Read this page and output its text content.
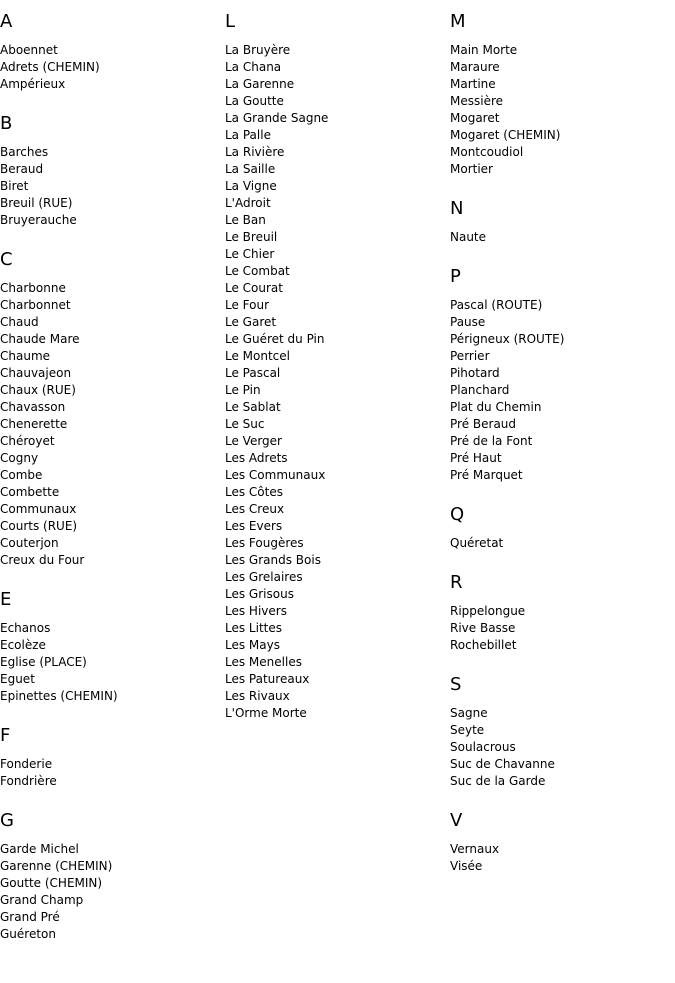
A
Aboennet
Adrets (CHEMIN)
Ampérieux
B
Barches
Beraud
Biret
Breuil (RUE)
Bruyerauche
C
Charbonne
Charbonnet
Chaud
Chaude Mare
Chaume
Chauvajeon
Chaux (RUE)
Chavasson
Chenerette
Chéroyet
Cogny
Combe
Combette
Communaux
Courts (RUE)
Couterjon
Creux du Four
E
Echanos
Ecolèze
Eglise (PLACE)
Eguet
Epinettes (CHEMIN)
F
Fonderie
Fondrière
G
Garde Michel
Garenne (CHEMIN)
Goutte (CHEMIN)
Grand Champ
Grand Pré
Guéreton
L
La Bruyère
La Chana
La Garenne
La Goutte
La Grande Sagne
La Palle
La Rivière
La Saille
La Vigne
L'Adroit
Le Ban
Le Breuil
Le Chier
Le Combat
Le Courat
Le Four
Le Garet
Le Guéret du Pin
Le Montcel
Le Pascal
Le Pin
Le Sablat
Le Suc
Le Verger
Les Adrets
Les Communaux
Les Côtes
Les Creux
Les Evers
Les Fougères
Les Grands Bois
Les Grelaires
Les Grisous
Les Hivers
Les Littes
Les Mays
Les Menelles
Les Patureaux
Les Rivaux
L'Orme Morte
M
Main Morte
Maraure
Martine
Messière
Mogaret
Mogaret (CHEMIN)
Montcoudiol
Mortier
N
Naute
P
Pascal (ROUTE)
Pause
Périgneux (ROUTE)
Perrier
Pihotard
Planchard
Plat du Chemin
Pré Beraud
Pré de la Font
Pré Haut
Pré Marquet
Q
Quéretat
R
Rippelongue
Rive Basse
Rochebillet
S
Sagne
Seyte
Soulacrous
Suc de Chavanne
Suc de la Garde
V
Vernaux
Visée
